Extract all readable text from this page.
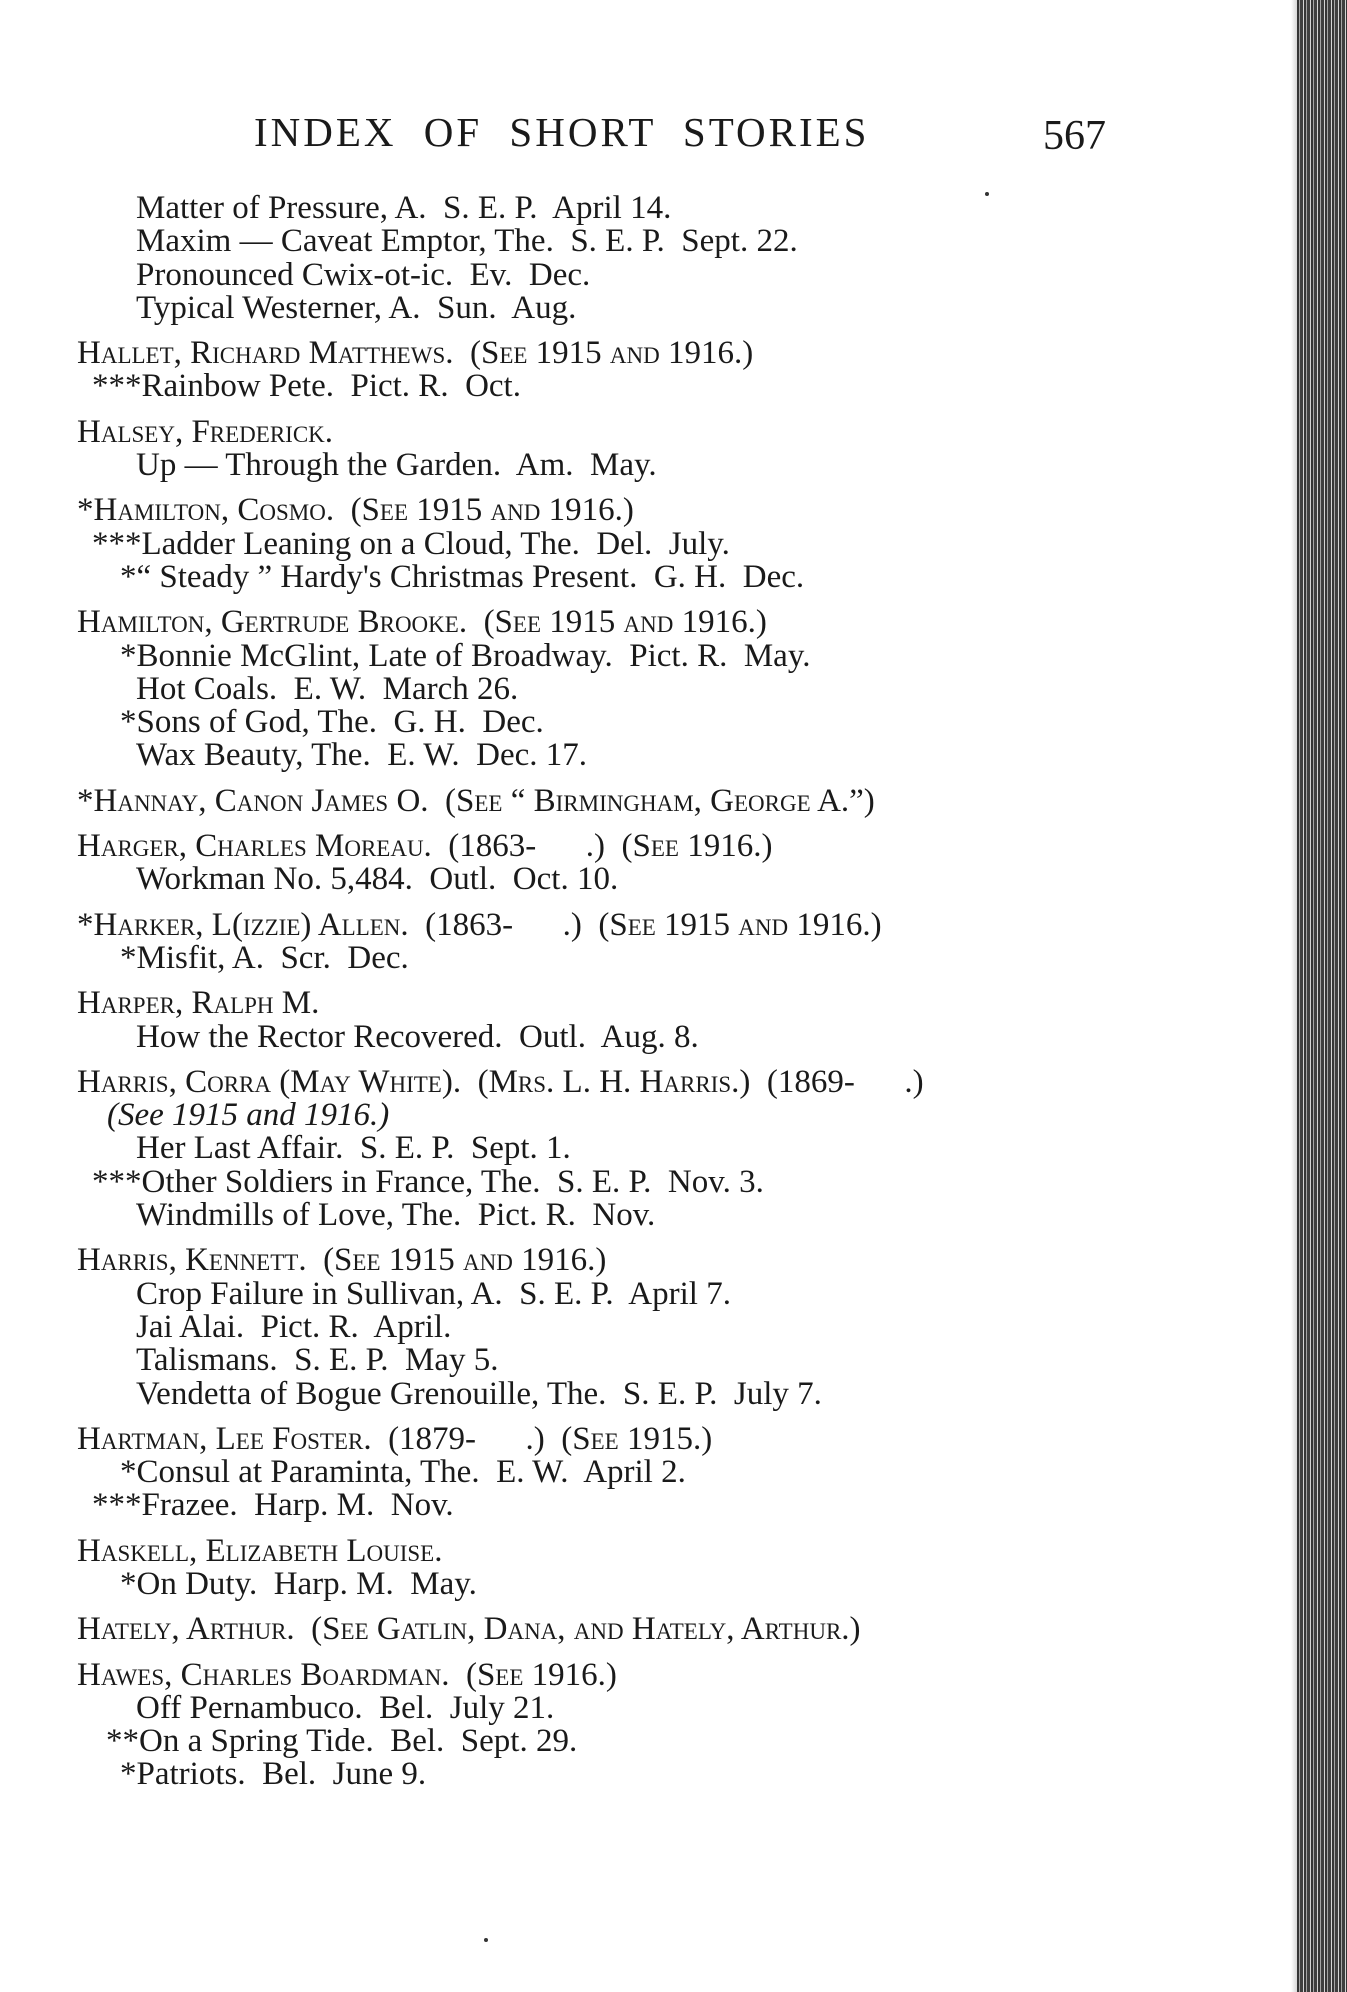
INDEX OF SHORT STORIES	567
Matter of Pressure, A.  S. E. P.  April 14.
Maxim — Caveat Emptor, The.  S. E. P.  Sept. 22.
Pronounced Cwix-ot-ic.  Ev.  Dec.
Typical Westerner, A.  Sun.  Aug.
Hallet, Richard Matthews.  (See 1915 and 1916.)
***Rainbow Pete.  Pict. R.  Oct.
Halsey, Frederick.
Up — Through the Garden.  Am.  May.
*Hamilton, Cosmo.  (See 1915 and 1916.)
***Ladder Leaning on a Cloud, The.  Del.  July.
*“ Steady ” Hardy's Christmas Present.  G. H.  Dec.
Hamilton, Gertrude Brooke.  (See 1915 and 1916.)
*Bonnie McGlint, Late of Broadway.  Pict. R.  May.
Hot Coals.  E. W.  March 26.
*Sons of God, The.  G. H.  Dec.
Wax Beauty, The.  E. W.  Dec. 17.
*Hannay, Canon James O.  (See “ Birmingham, George A.”)
Harger, Charles Moreau.  (1863-      .)  (See 1916.)
Workman No. 5,484.  Outl.  Oct. 10.
*Harker, L(izzie) Allen.  (1863-      .)  (See 1915 and 1916.)
*Misfit, A.  Scr.  Dec.
Harper, Ralph M.
How the Rector Recovered.  Outl.  Aug. 8.
Harris, Corra (May White).  (Mrs. L. H. Harris.)  (1869-      .)
(See 1915 and 1916.)
Her Last Affair.  S. E. P.  Sept. 1.
***Other Soldiers in France, The.  S. E. P.  Nov. 3.
Windmills of Love, The.  Pict. R.  Nov.
Harris, Kennett.  (See 1915 and 1916.)
Crop Failure in Sullivan, A.  S. E. P.  April 7.
Jai Alai.  Pict. R.  April.
Talismans.  S. E. P.  May 5.
Vendetta of Bogue Grenouille, The.  S. E. P.  July 7.
Hartman, Lee Foster.  (1879-      .)  (See 1915.)
*Consul at Paraminta, The.  E. W.  April 2.
***Frazee.  Harp. M.  Nov.
Haskell, Elizabeth Louise.
*On Duty.  Harp. M.  May.
Hately, Arthur.  (See Gatlin, Dana, and Hately, Arthur.)
Hawes, Charles Boardman.  (See 1916.)
Off Pernambuco.  Bel.  July 21.
**On a Spring Tide.  Bel.  Sept. 29.
*Patriots.  Bel.  June 9.
